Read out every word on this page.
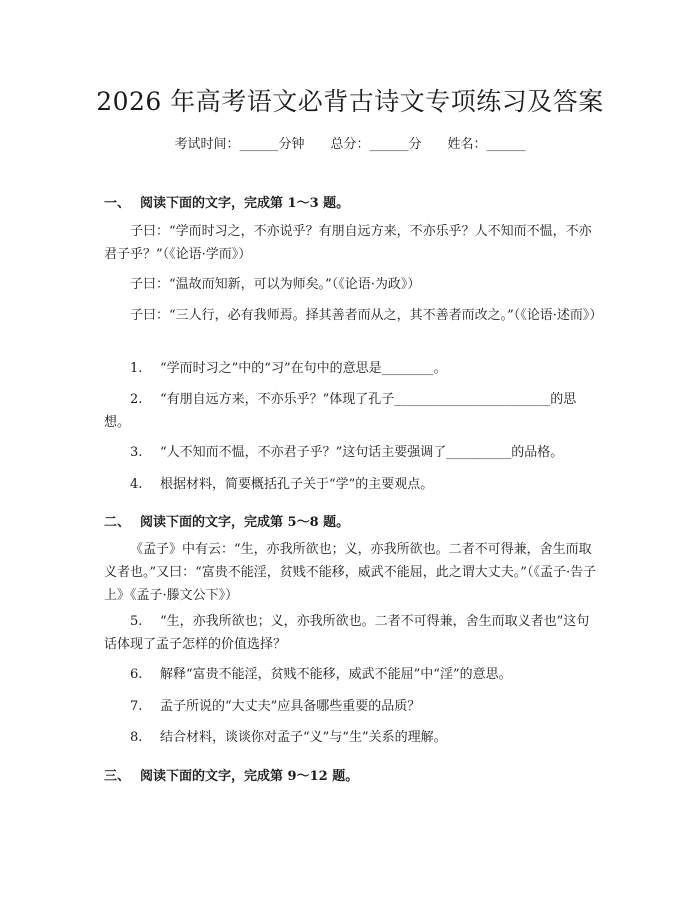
2026 年高考语文必背古诗文专项练习及答案
考试时间：______分钟 总分：______分 姓名：______
一、 阅读下面的文字，完成第 1～3 题。
子曰：“学而时习之，不亦说乎？有朋自远方来，不亦乐乎？人不知而不愠，不亦君子乎？”（《论语·学而》）
子曰：“温故而知新，可以为师矣。”（《论语·为政》）
子曰：“三人行，必有我师焉。择其善者而从之，其不善者而改之。”（《论语·述而》）
1. “学而时习之”中的“习”在句中的意思是________。
2. “有朋自远方来，不亦乐乎？”体现了孔子________________________的思想。
3. “人不知而不愠，不亦君子乎？”这句话主要强调了__________的品格。
4. 根据材料，简要概括孔子关于“学”的主要观点。
二、 阅读下面的文字，完成第 5～8 题。
《孟子》中有云：“生，亦我所欲也；义，亦我所欲也。二者不可得兼，舍生而取义者也。”又曰：“富贵不能淫，贫贱不能移，威武不能屈，此之谓大丈夫。”（《孟子·告子上》《孟子·滕文公下》）
5. “生，亦我所欲也；义，亦我所欲也。二者不可得兼，舍生而取义者也”这句话体现了孟子怎样的价值选择？
6. 解释“富贵不能淫，贫贱不能移，威武不能屈”中“淫”的意思。
7. 孟子所说的“大丈夫”应具备哪些重要的品质？
8. 结合材料，谈谈你对孟子“义”与“生”关系的理解。
三、 阅读下面的文字，完成第 9～12 题。
